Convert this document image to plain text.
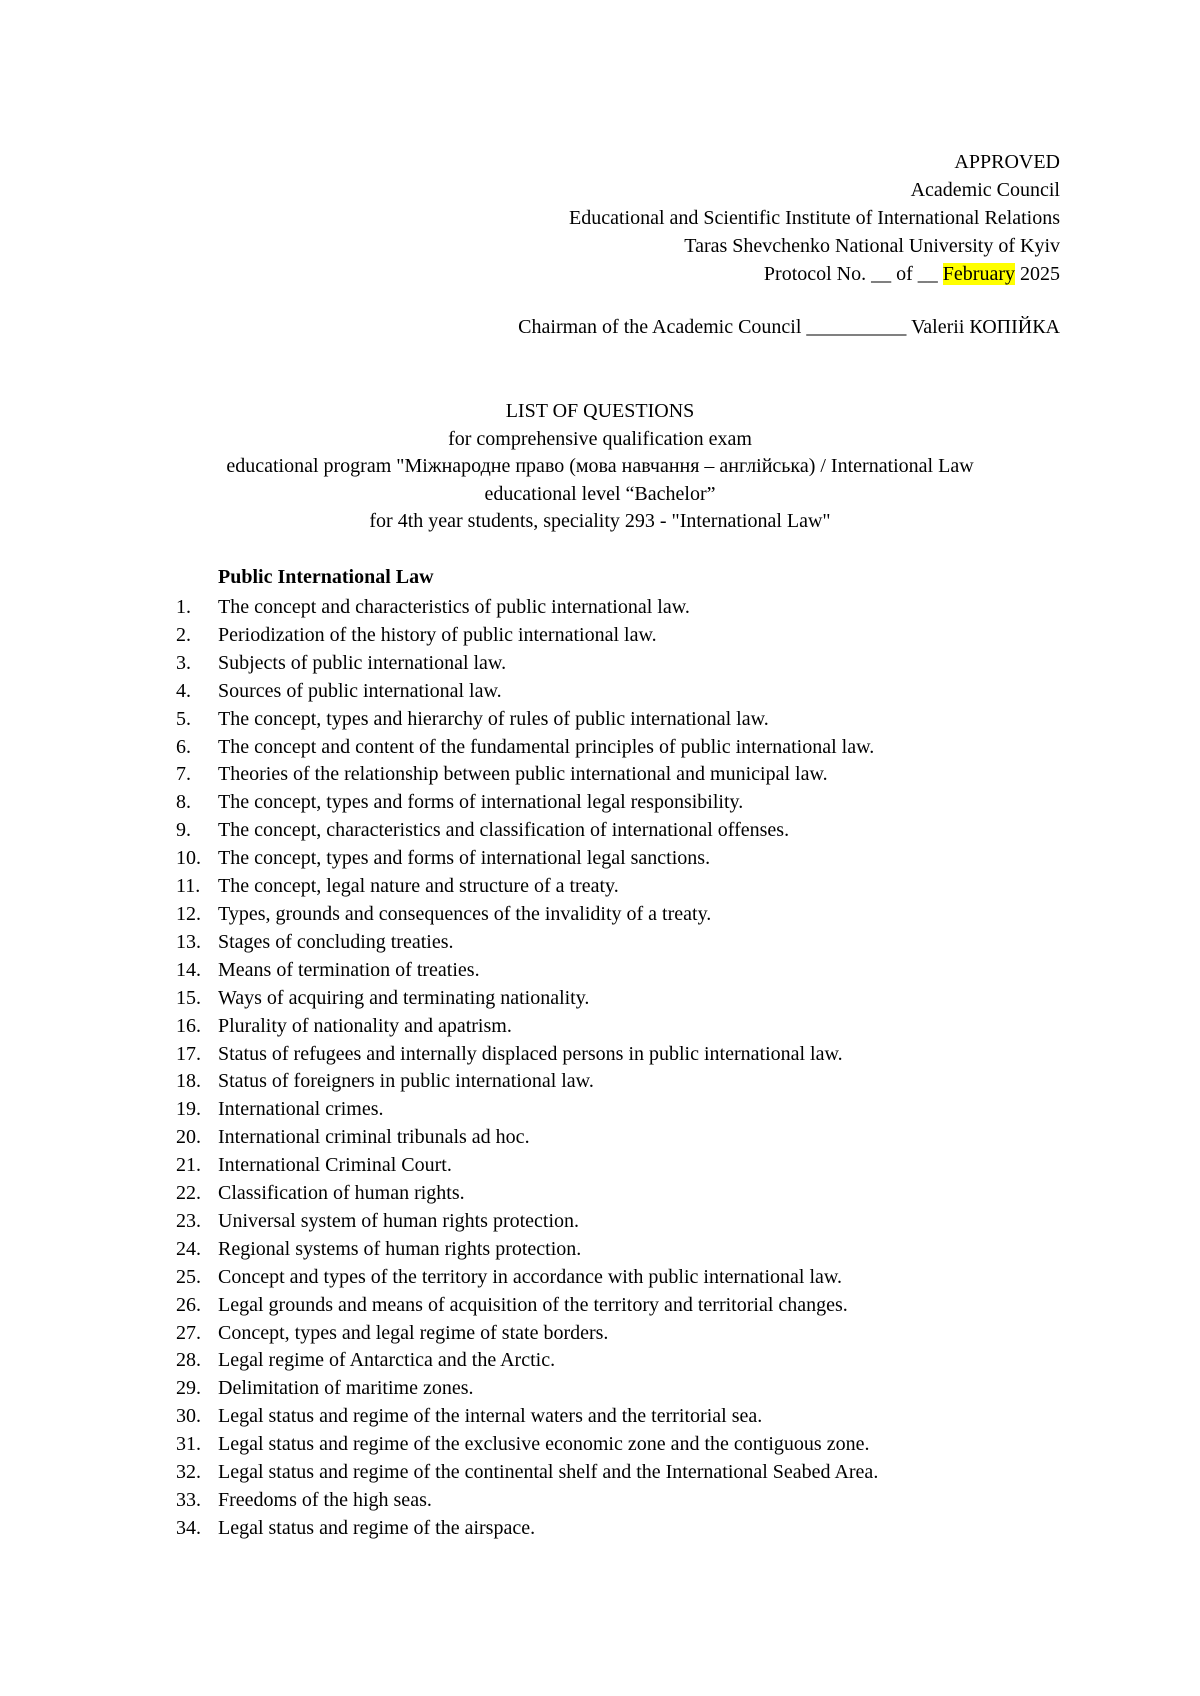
APPROVED
Academic Council
Educational and Scientific Institute of International Relations
Taras Shevchenko National University of Kyiv
Protocol No. __ of __ February 2025
Chairman of the Academic Council __________ Valerii КОПІЙКА
LIST OF QUESTIONS
for comprehensive qualification exam
educational program "Міжнародне право (мова навчання – англійська) / International Law
educational level “Bachelor”
for 4th year students, speciality 293 - "International Law"
Public International Law
1. The concept and characteristics of public international law.
2. Periodization of the history of public international law.
3. Subjects of public international law.
4. Sources of public international law.
5. The concept, types and hierarchy of rules of public international law.
6. The concept and content of the fundamental principles of public international law.
7. Theories of the relationship between public international and municipal law.
8. The concept, types and forms of international legal responsibility.
9. The concept, characteristics and classification of international offenses.
10. The concept, types and forms of international legal sanctions.
11. The concept, legal nature and structure of a treaty.
12. Types, grounds and consequences of the invalidity of a treaty.
13. Stages of concluding treaties.
14. Means of termination of treaties.
15. Ways of acquiring and terminating nationality.
16. Plurality of nationality and apatrism.
17. Status of refugees and internally displaced persons in public international law.
18. Status of foreigners in public international law.
19. International crimes.
20. International criminal tribunals ad hoc.
21. International Criminal Court.
22. Classification of human rights.
23. Universal system of human rights protection.
24. Regional systems of human rights protection.
25. Concept and types of the territory in accordance with public international law.
26. Legal grounds and means of acquisition of the territory and territorial changes.
27. Concept, types and legal regime of state borders.
28. Legal regime of Antarctica and the Arctic.
29. Delimitation of maritime zones.
30. Legal status and regime of the internal waters and the territorial sea.
31. Legal status and regime of the exclusive economic zone and the contiguous zone.
32. Legal status and regime of the continental shelf and the International Seabed Area.
33. Freedoms of the high seas.
34. Legal status and regime of the airspace.
